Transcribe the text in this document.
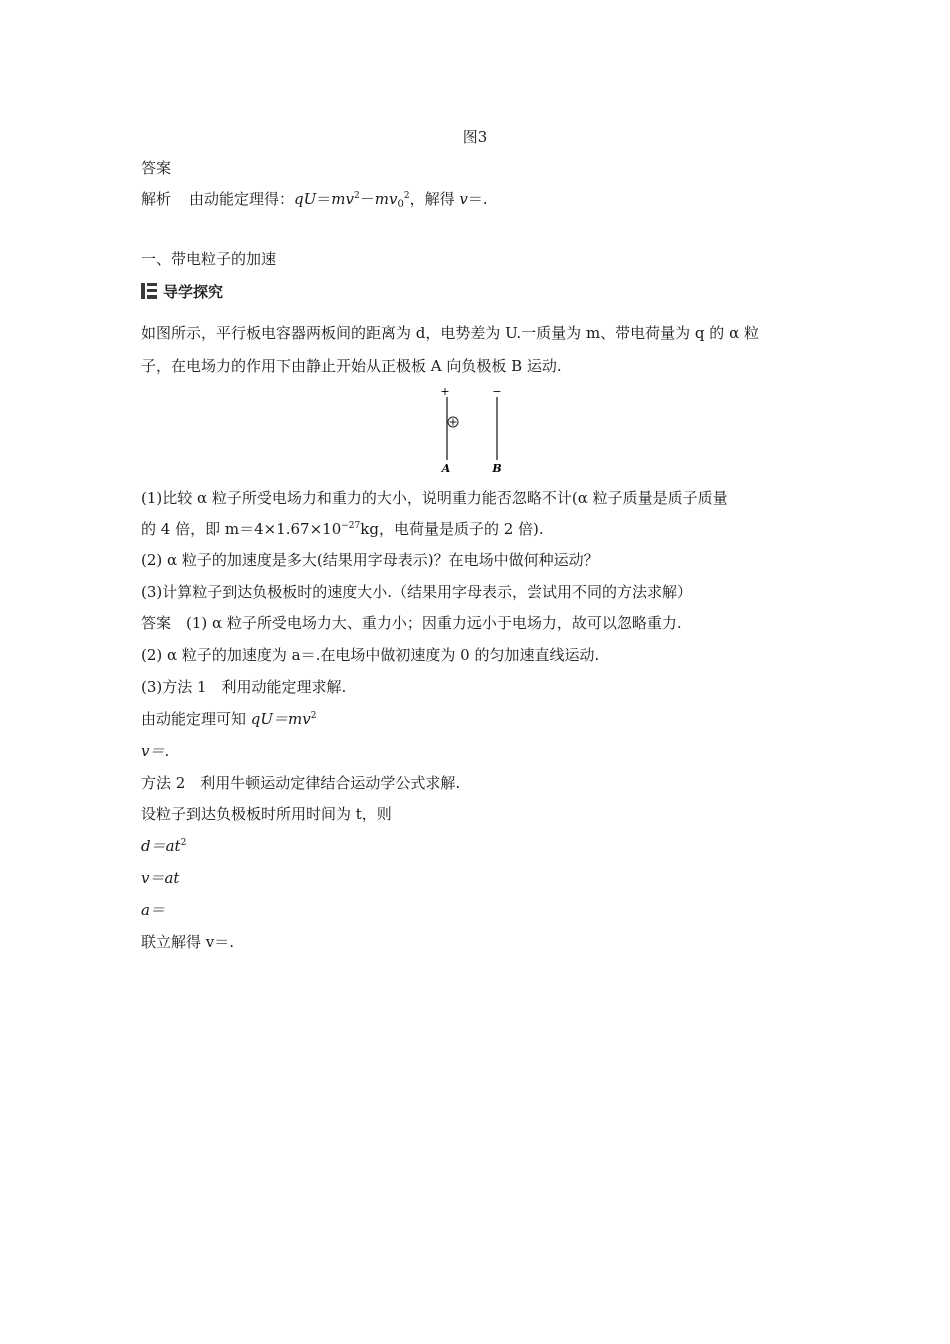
图3
答案
解析 由动能定理得：$qU=mv^2-mv_0^2$，解得 v＝.
一、带电粒子的加速
导学探究
如图所示，平行板电容器两板间的距离为 d，电势差为 U.一质量为 m、带电荷量为 q 的 α 粒
子，在电场力的作用下由静止开始从正极板 A 向负极板 B 运动.
+	−
A	B
(1)比较 α 粒子所受电场力和重力的大小，说明重力能否忽略不计(α 粒子质量是质子质量
的 4 倍，即 $m=4\times 1.67\times 10^{-27}kg$，电荷量是质子的 2 倍).
(2) α 粒子的加速度是多大(结果用字母表示)？在电场中做何种运动？
(3)计算粒子到达负极板时的速度大小.（结果用字母表示，尝试用不同的方法求解）
答案　(1) α 粒子所受电场力大、重力小；因重力远小于电场力，故可以忽略重力.
(2) α 粒子的加速度为 a＝.在电场中做初速度为 0 的匀加速直线运动.
(3)方法 1　利用动能定理求解.
由动能定理可知 $qU=mv^2$
v＝.
方法 2　利用牛顿运动定律结合运动学公式求解.
设粒子到达负极板时所用时间为 t，则
$d=at^2$
v＝at
a＝
联立解得 v＝.
